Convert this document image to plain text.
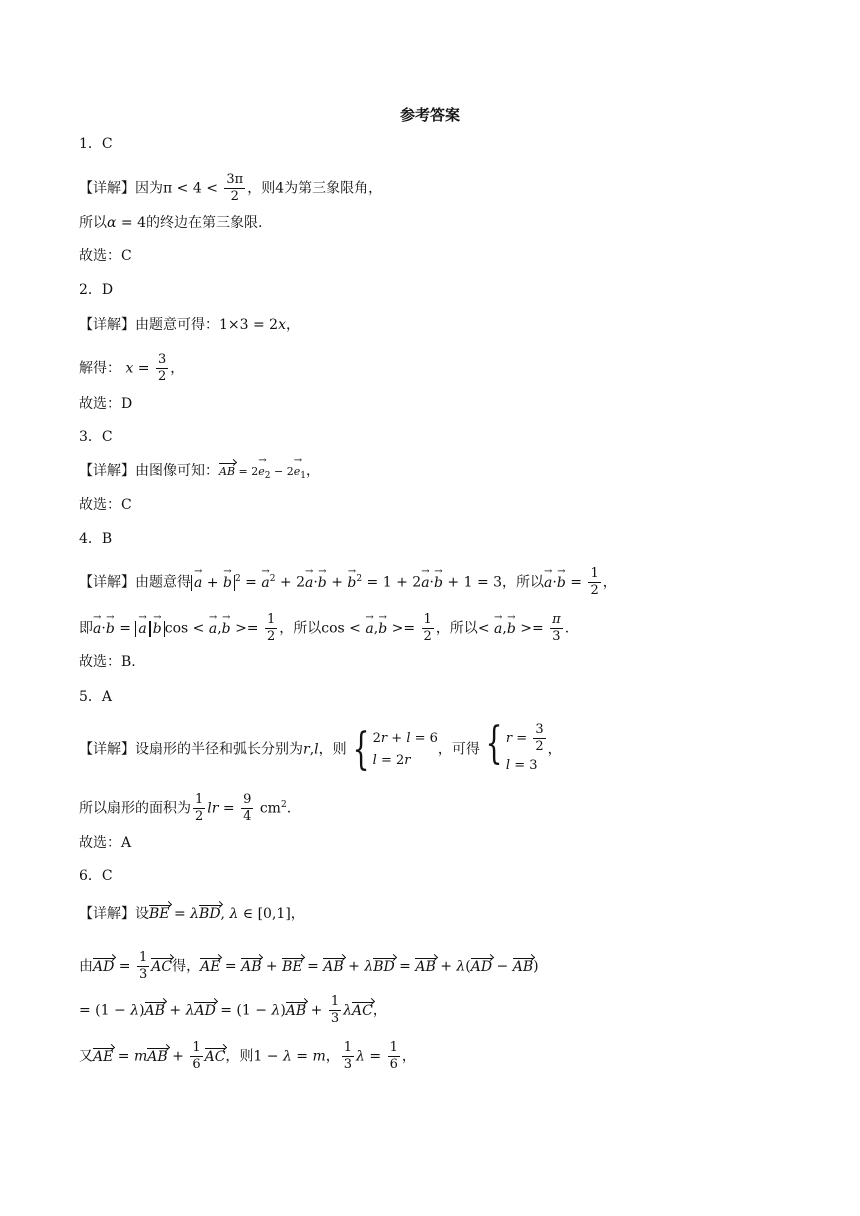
参考答案
1．C
【详解】因为$\pi < 4 < \frac{3\pi}{2}$ ，则4为第三象限角，
所以α = 4的终边在第三象限.
故选：C
2．D
【详解】由题意可得：1×3 = 2x，
解得： $x = \frac{3}{2}$ ，
故选：D
3．C
【详解】由图像可知：AB = $2\to e_2 - 2\to e_1$，
故选：C
4．B
【详解】由题意得 → a + → b $^2$ = → $a^2 + 2\to a\cdot\to b$ + → $b^2 = 1 + 2\to a\cdot\to b + 1 = 3$，所以→ $a\cdot\to b = \frac{1}{2}$ ，
即→ a·→ b = → a → b cos < → $a,\to b >= \frac{1}{2}$ ，所以cos < → $a,\to b >= \frac{1}{2}$ ，所以< → $a,\to b >= \frac{\pi}{3}$ .
故选：B.
5．A
【详解】设扇形的半径和弧长分别为r,l，则 { 2r + l = 6
l = 2r
，可得 { $r = \frac{3}{2}$
l = 3
，
所以扇形的面积为 $\frac{1}{2}$ lr = $\frac{9}{4} cm^2$.
故选：A
6．C
【详解】设BE = λBD, λ ∈ [0,1]，
由AD = $\frac{1}{3}$ AC得，AE = AB + BE = AB + λBD = AB + λ(AD − AB)
= $(1 - \lambda)AB + \lambda AD = (1 - \lambda)AB + \frac{1}{3}$ λAC，
又AE = mAB + $\frac{1}{6}$ AC，则1 − λ = m， $\frac{1}{3}$ $\lambda = \frac{1}{6}$ ，
